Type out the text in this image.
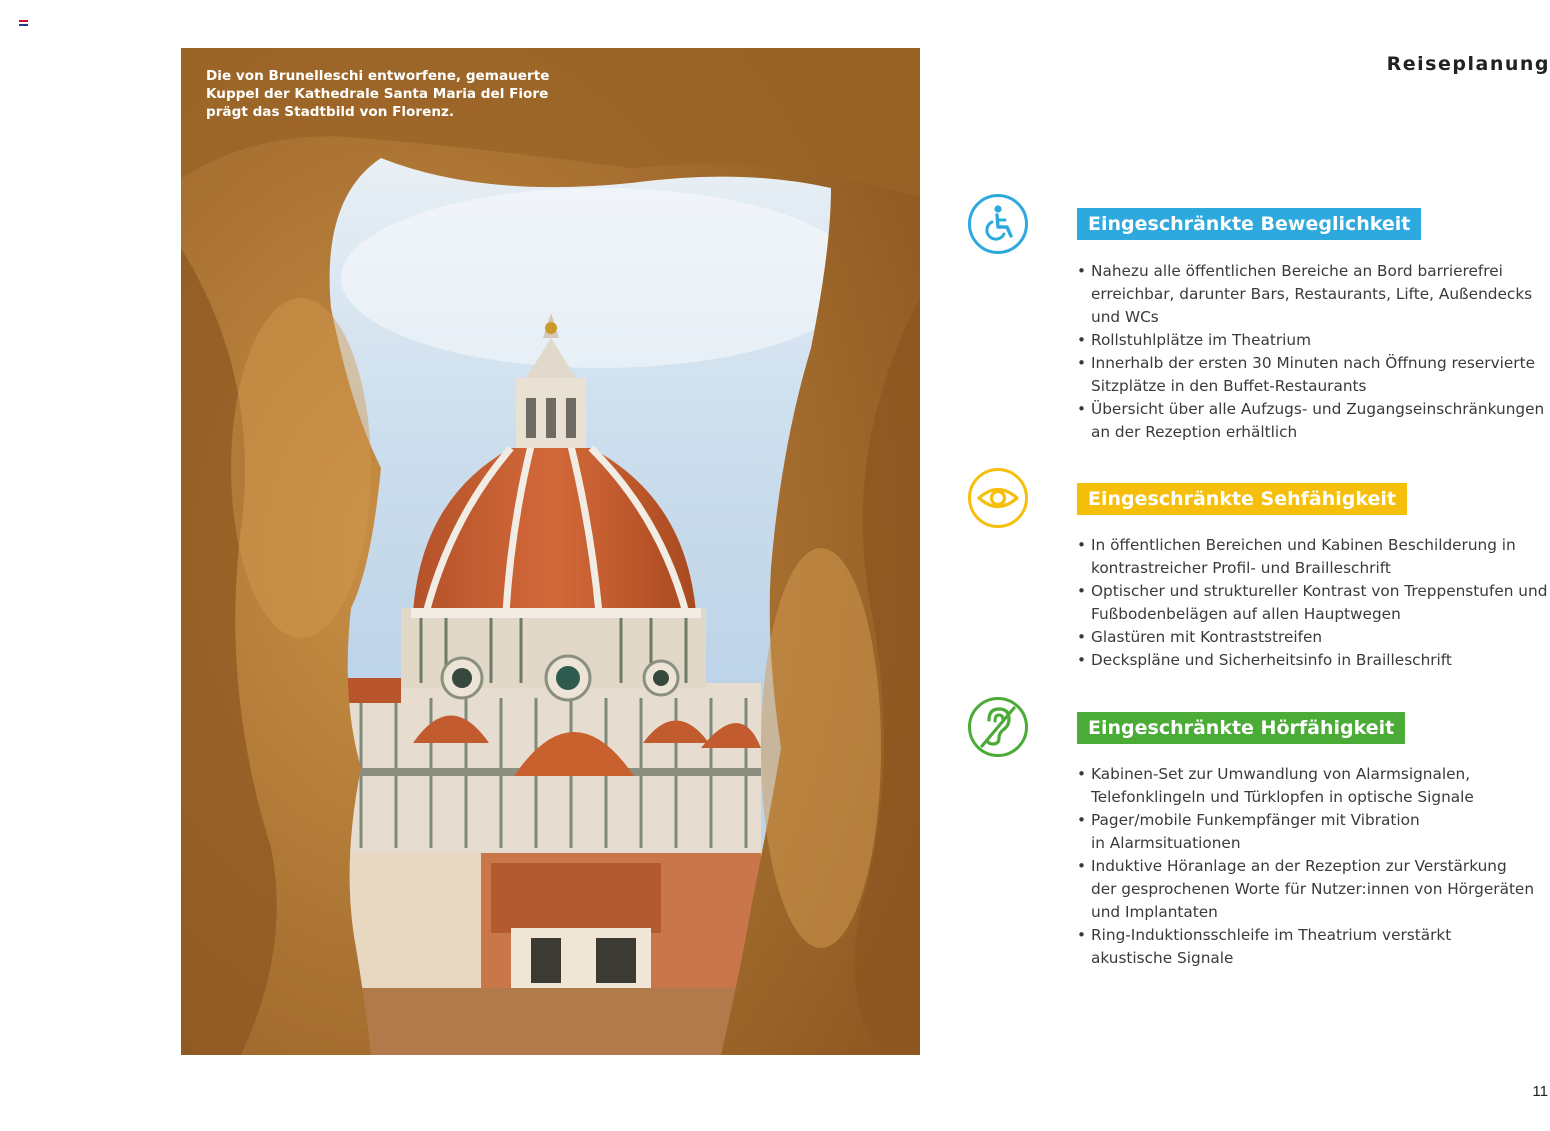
Reiseplanung
Die von Brunelleschi entworfene, gemauerte
Kuppel der Kathedrale Santa Maria del Fiore
prägt das Stadtbild von Florenz.
Eingeschränkte Beweglichkeit
• Nahezu alle öffentlichen Bereiche an Bord barrierefrei
erreichbar, darunter Bars, Restaurants, Lifte, Außendecks
und WCs
• Rollstuhlplätze im Theatrium
• Innerhalb der ersten 30 Minuten nach Öffnung reservierte
Sitzplätze in den Buffet-Restaurants
• Übersicht über alle Aufzugs- und Zugangseinschränkungen
an der Rezeption erhältlich
Eingeschränkte Sehfähigkeit
• In öffentlichen Bereichen und Kabinen Beschilderung in
kontrastreicher Profil- und Brailleschrift
• Optischer und struktureller Kontrast von Treppenstufen und
Fußbodenbelägen auf allen Hauptwegen
• Glastüren mit Kontraststreifen
• Deckspläne und Sicherheitsinfo in Brailleschrift
Eingeschränkte Hörfähigkeit
• Kabinen-Set zur Umwandlung von Alarmsignalen,
Telefonklingeln und Türklopfen in optische Signale
• Pager/mobile Funkempfänger mit Vibration
in Alarmsituationen
• Induktive Höranlage an der Rezeption zur Verstärkung
der gesprochenen Worte für Nutzer:innen von Hörgeräten
und Implantaten
• Ring-Induktionsschleife im Theatrium verstärkt
akustische Signale
11
